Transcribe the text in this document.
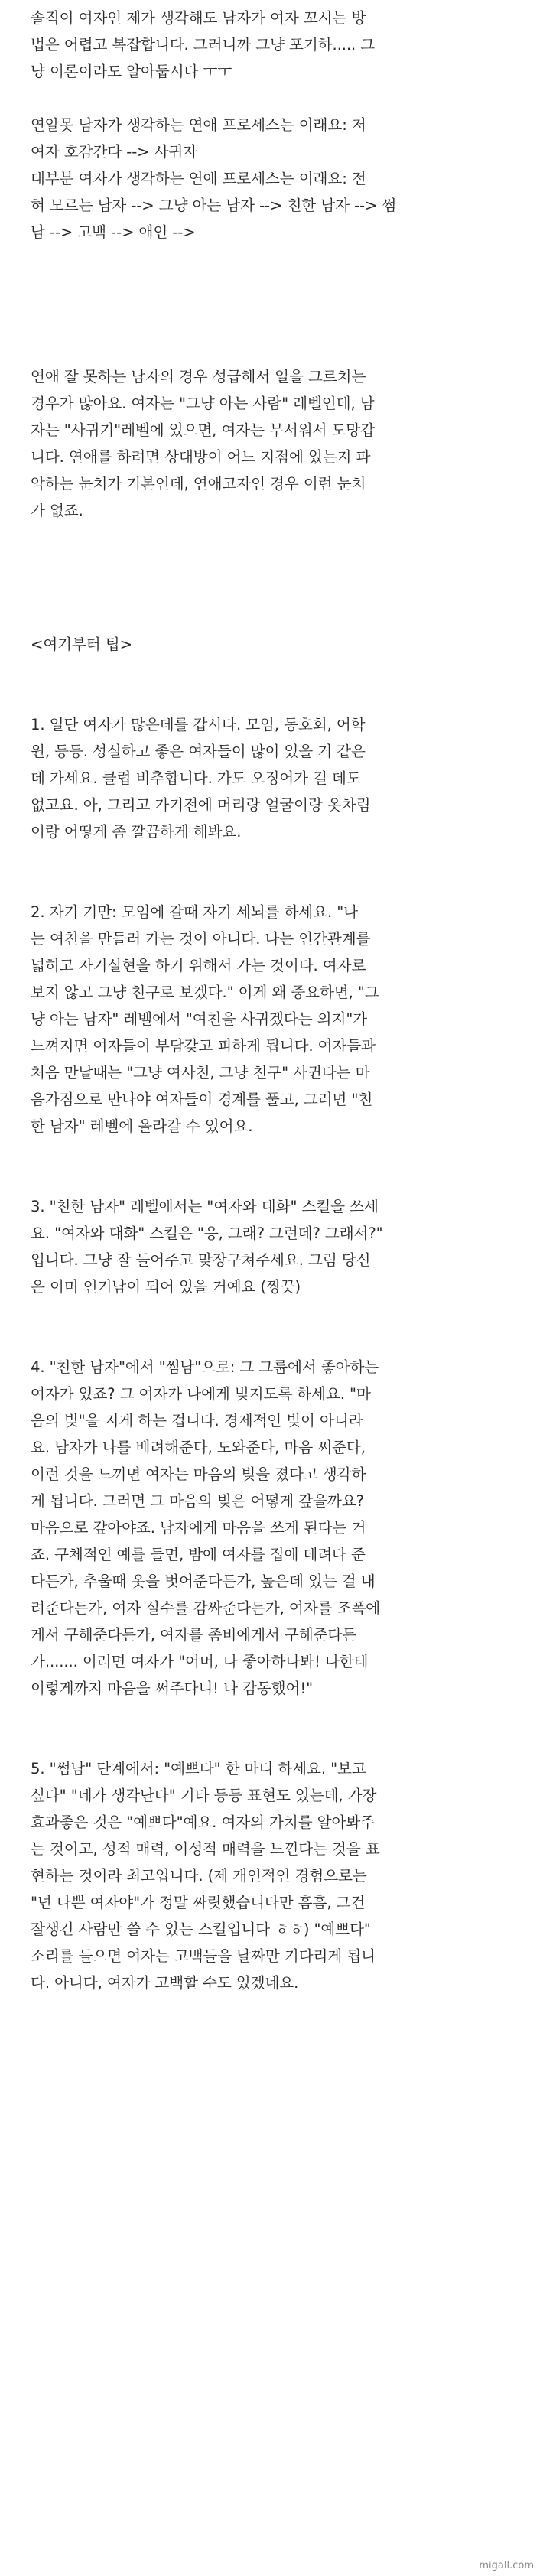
솔직이 여자인 제가 생각해도 남자가 여자 꼬시는 방
법은 어렵고 복잡합니다. 그러니까 그냥 포기하..... 그
냥 이론이라도 알아둡시다 ㅜㅜ
연알못 남자가 생각하는 연애 프로세스는 이래요: 저
여자 호감간다 --> 사귀자
대부분 여자가 생각하는 연애 프로세스는 이래요: 전
혀 모르는 남자 --> 그냥 아는 남자 --> 친한 남자 --> 썸
남 --> 고백 --> 애인 -->
연애 잘 못하는 남자의 경우 성급해서 일을 그르치는
경우가 많아요. 여자는 "그냥 아는 사람" 레벨인데, 남
자는 "사귀기"레벨에 있으면, 여자는 무서워서 도망갑
니다. 연애를 하려면 상대방이 어느 지점에 있는지 파
악하는 눈치가 기본인데, 연애고자인 경우 이런 눈치
가 없죠.
<여기부터 팁>
1. 일단 여자가 많은데를 갑시다. 모임, 동호회, 어학
원, 등등. 성실하고 좋은 여자들이 많이 있을 거 같은
데 가세요. 클럽 비추합니다. 가도 오징어가 길 데도
없고요. 아, 그리고 가기전에 머리랑 얼굴이랑 옷차림
이랑 어떻게 좀 깔끔하게 해봐요.
2. 자기 기만: 모임에 갈때 자기 세뇌를 하세요. "나
는 여친을 만들러 가는 것이 아니다. 나는 인간관계를
넓히고 자기실현을 하기 위해서 가는 것이다. 여자로
보지 않고 그냥 친구로 보겠다." 이게 왜 중요하면, "그
냥 아는 남자" 레벨에서 "여친을 사귀겠다는 의지"가
느껴지면 여자들이 부담갖고 피하게 됩니다. 여자들과
처음 만날때는 "그냥 여사친, 그냥 친구" 사귄다는 마
음가짐으로 만나야 여자들이 경계를 풀고, 그러면 "친
한 남자" 레벨에 올라갈 수 있어요.
3. "친한 남자" 레벨에서는 "여자와 대화" 스킬을 쓰세
요. "여자와 대화" 스킬은 "응, 그래? 그런데? 그래서?"
입니다. 그냥 잘 들어주고 맞장구쳐주세요. 그럼 당신
은 이미 인기남이 되어 있을 거예요 (찡끗)
4. "친한 남자"에서 "썸남"으로: 그 그룹에서 좋아하는
여자가 있죠? 그 여자가 나에게 빚지도록 하세요. "마
음의 빚"을 지게 하는 겁니다. 경제적인 빚이 아니라
요. 남자가 나를 배려해준다, 도와준다, 마음 써준다,
이런 것을 느끼면 여자는 마음의 빚을 졌다고 생각하
게 됩니다. 그러면 그 마음의 빚은 어떻게 갚을까요?
마음으로 갚아야죠. 남자에게 마음을 쓰게 된다는 거
죠. 구체적인 예를 들면, 밤에 여자를 집에 데려다 준
다든가, 추울때 옷을 벗어준다든가, 높은데 있는 걸 내
려준다든가, 여자 실수를 감싸준다든가, 여자를 조폭에
게서 구해준다든가, 여자를 좀비에게서 구해준다든
가....... 이러면 여자가 "어머, 나 좋아하나봐! 나한테
이렇게까지 마음을 써주다니! 나 감동했어!"
5. "썸남" 단계에서: "예쁘다" 한 마디 하세요. "보고
싶다" "네가 생각난다" 기타 등등 표현도 있는데, 가장
효과좋은 것은 "예쁘다"예요. 여자의 가치를 알아봐주
는 것이고, 성적 매력, 이성적 매력을 느낀다는 것을 표
현하는 것이라 최고입니다. (제 개인적인 경험으로는
"넌 나쁜 여자야"가 정말 짜릿했습니다만 흠흠, 그건
잘생긴 사람만 쓸 수 있는 스킬입니다 ㅎㅎ) "예쁘다"
소리를 들으면 여자는 고백들을 날짜만 기다리게 됩니
다. 아니다, 여자가 고백할 수도 있겠네요.
migall.com
